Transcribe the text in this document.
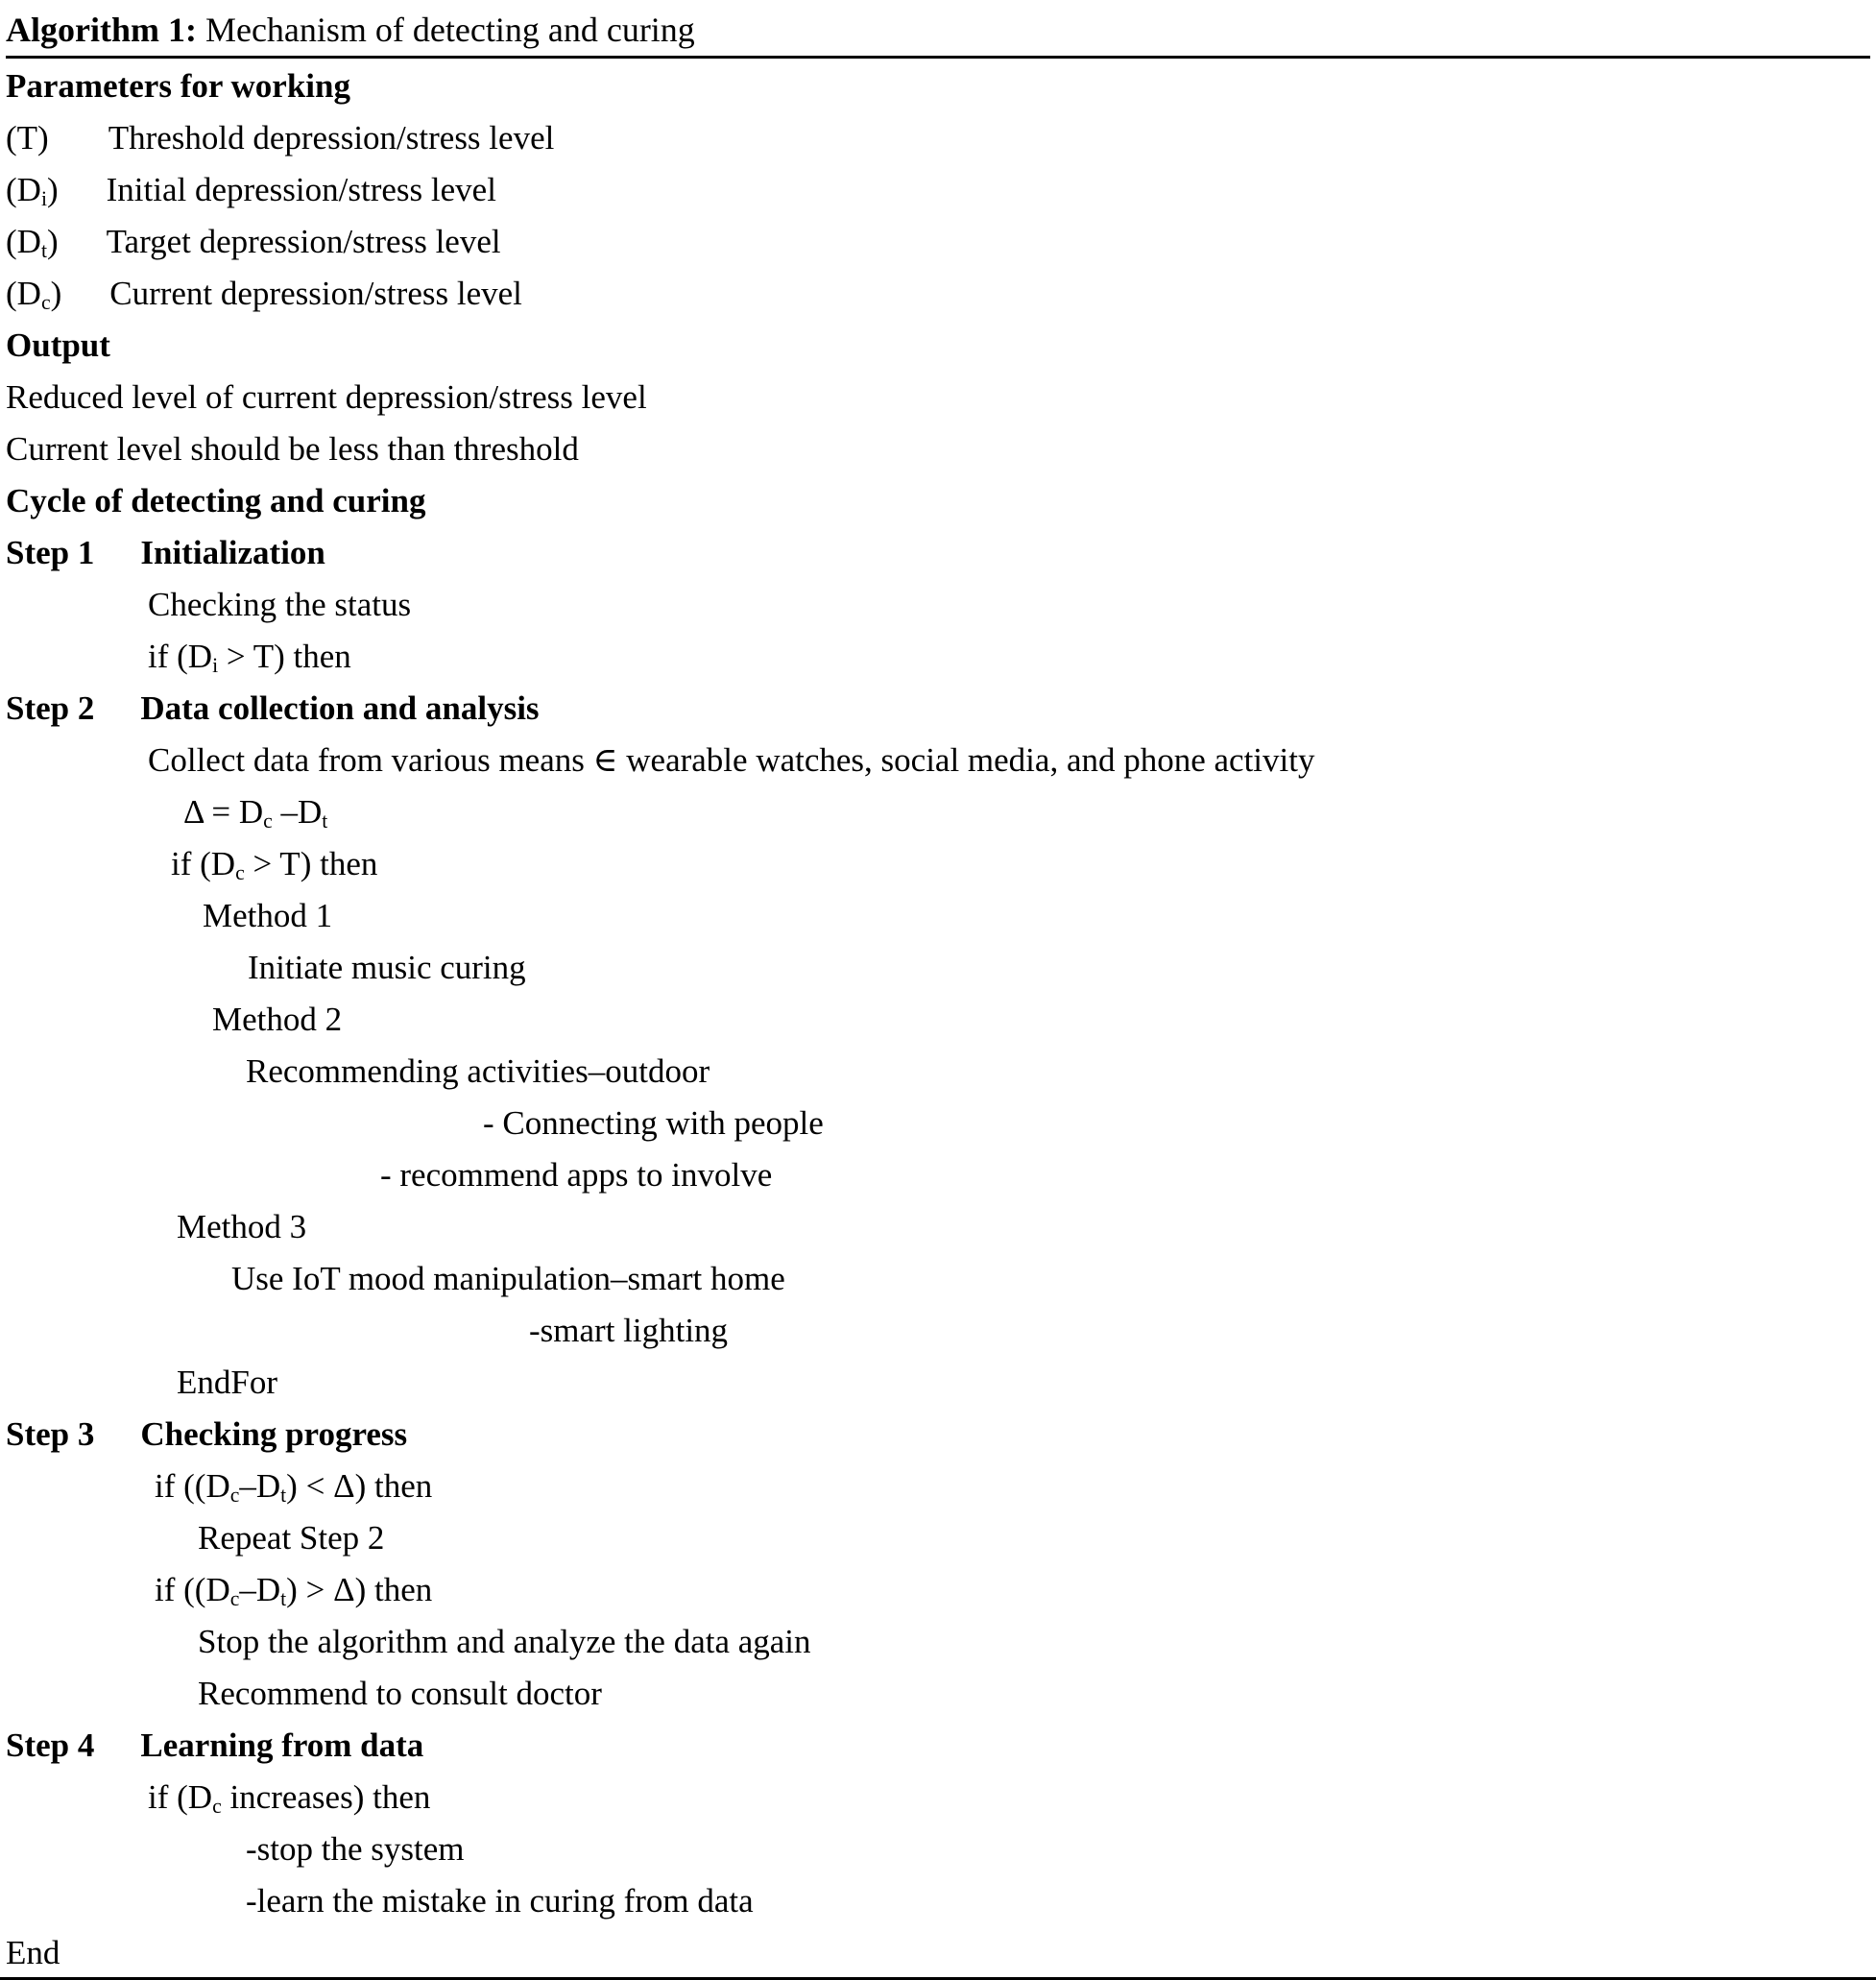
Algorithm 1: Mechanism of detecting and curing
Parameters for working
(T) Threshold depression/stress level
(Di) Initial depression/stress level
(Dt) Target depression/stress level
(Dc) Current depression/stress level
Output
Reduced level of current depression/stress level
Current level should be less than threshold
Cycle of detecting and curing
Step 1 Initialization
Checking the status
if (Di > T) then
Step 2 Data collection and analysis
Collect data from various means ∈ wearable watches, social media, and phone activity
Δ = Dc –Dt
if (Dc > T) then
Method 1
Initiate music curing
Method 2
Recommending activities–outdoor
- Connecting with people
- recommend apps to involve
Method 3
Use IoT mood manipulation–smart home
-smart lighting
EndFor
Step 3 Checking progress
if ((Dc–Dt) < Δ) then
Repeat Step 2
if ((Dc–Dt) > Δ) then
Stop the algorithm and analyze the data again
Recommend to consult doctor
Step 4 Learning from data
if (Dc increases) then
-stop the system
-learn the mistake in curing from data
End
